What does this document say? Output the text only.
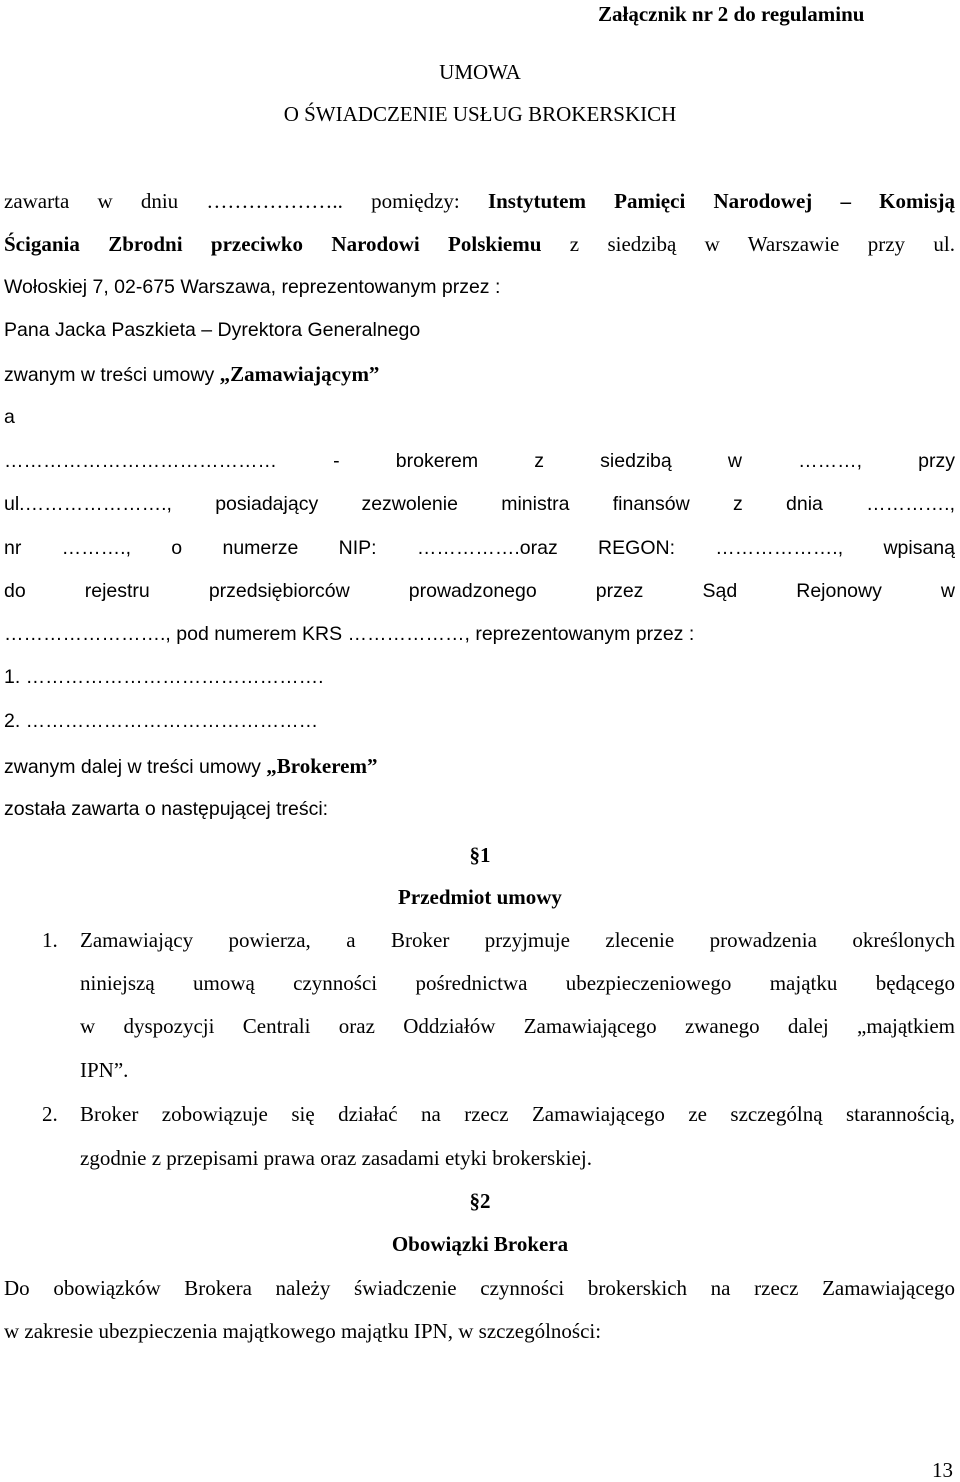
Załącznik nr 2 do regulaminu
UMOWA
O ŚWIADCZENIE USŁUG BROKERSKICH
zawarta w dniu ……………….. pomiędzy: Instytutem Pamięci Narodowej – Komisją
Ścigania Zbrodni przeciwko Narodowi Polskiemu z siedzibą w Warszawie przy ul.
Wołoskiej 7, 02-675 Warszawa, reprezentowanym przez :
Pana Jacka Paszkieta – Dyrektora Generalnego
zwanym w treści umowy „Zamawiającym”
a
…………………………………… - brokerem z siedzibą w ………, przy
ul.…………………., posiadający zezwolenie ministra finansów z dnia ………….,
nr ………., o numerze NIP: …………….oraz REGON: ………………., wpisaną
do rejestru przedsiębiorców prowadzonego przez Sąd Rejonowy w
……………………., pod numerem KRS ………………, reprezentowanym przez :
1. ……………………………………….
2. ………………………………………
zwanym dalej w treści umowy „Brokerem”
została zawarta o następującej treści:
§1
Przedmiot umowy
1. Zamawiający powierza, a Broker przyjmuje zlecenie prowadzenia określonych
niniejszą umową czynności pośrednictwa ubezpieczeniowego majątku będącego
w dyspozycji Centrali oraz Oddziałów Zamawiającego zwanego dalej „majątkiem
IPN”.
2. Broker zobowiązuje się działać na rzecz Zamawiającego ze szczególną starannością,
zgodnie z przepisami prawa oraz zasadami etyki brokerskiej.
§2
Obowiązki Brokera
Do obowiązków Brokera należy świadczenie czynności brokerskich na rzecz Zamawiającego
w zakresie ubezpieczenia majątkowego majątku IPN, w szczególności:
13
